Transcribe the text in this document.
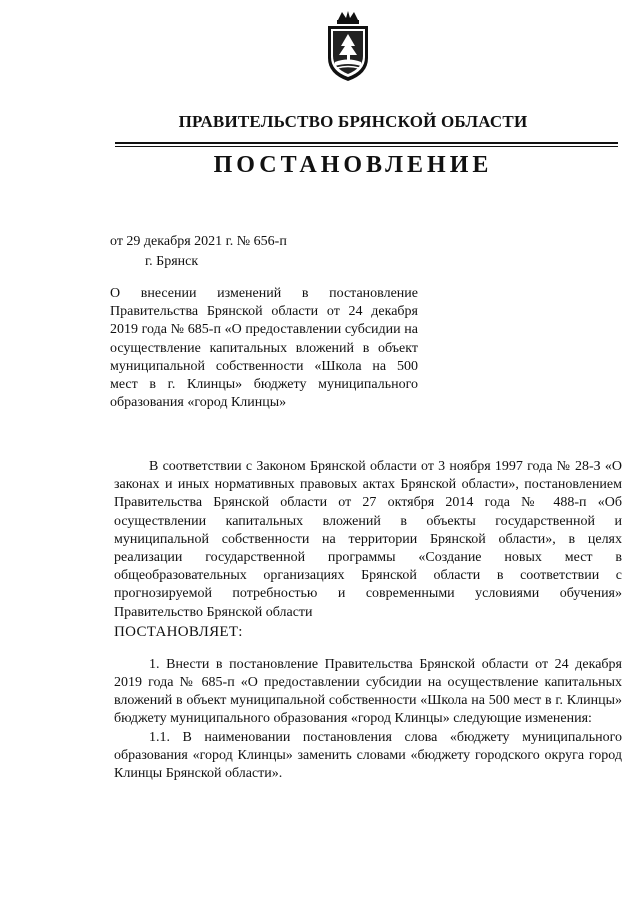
ПРАВИТЕЛЬСТВО БРЯНСКОЙ ОБЛАСТИ
ПОСТАНОВЛЕНИЕ
от 29 декабря 2021 г. № 656-п
г. Брянск
О внесении изменений в постановление Правительства Брянской области от 24 декабря 2019 года № 685-п «О предоставлении субсидии на осуществление капитальных вложений в объект муниципальной собственности «Школа на 500 мест в г. Клинцы» бюджету муниципального образования «город Клинцы»

В соответствии с Законом Брянской области от 3 ноября 1997 года № 28-З «О законах и иных нормативных правовых актах Брянской области», постановлением Правительства Брянской области от 27 октября 2014 года № 488-п «Об осуществлении капитальных вложений в объекты государственной и муниципальной собственности на территории Брянской области», в целях реализации государственной программы «Создание новых мест в общеобразовательных организациях Брянской области в соответствии с прогнозируемой потребностью и современными условиями обучения» Правительство Брянской области

ПОСТАНОВЛЯЕТ:

1. Внести в постановление Правительства Брянской области от 24 декабря 2019 года № 685-п «О предоставлении субсидии на осуществление капитальных вложений в объект муниципальной собственности «Школа на 500 мест в г. Клинцы» бюджету муниципального образования «город Клинцы» следующие изменения:

1.1. В наименовании постановления слова «бюджету муниципального образования «город Клинцы» заменить словами «бюджету городского округа город Клинцы Брянской области».
